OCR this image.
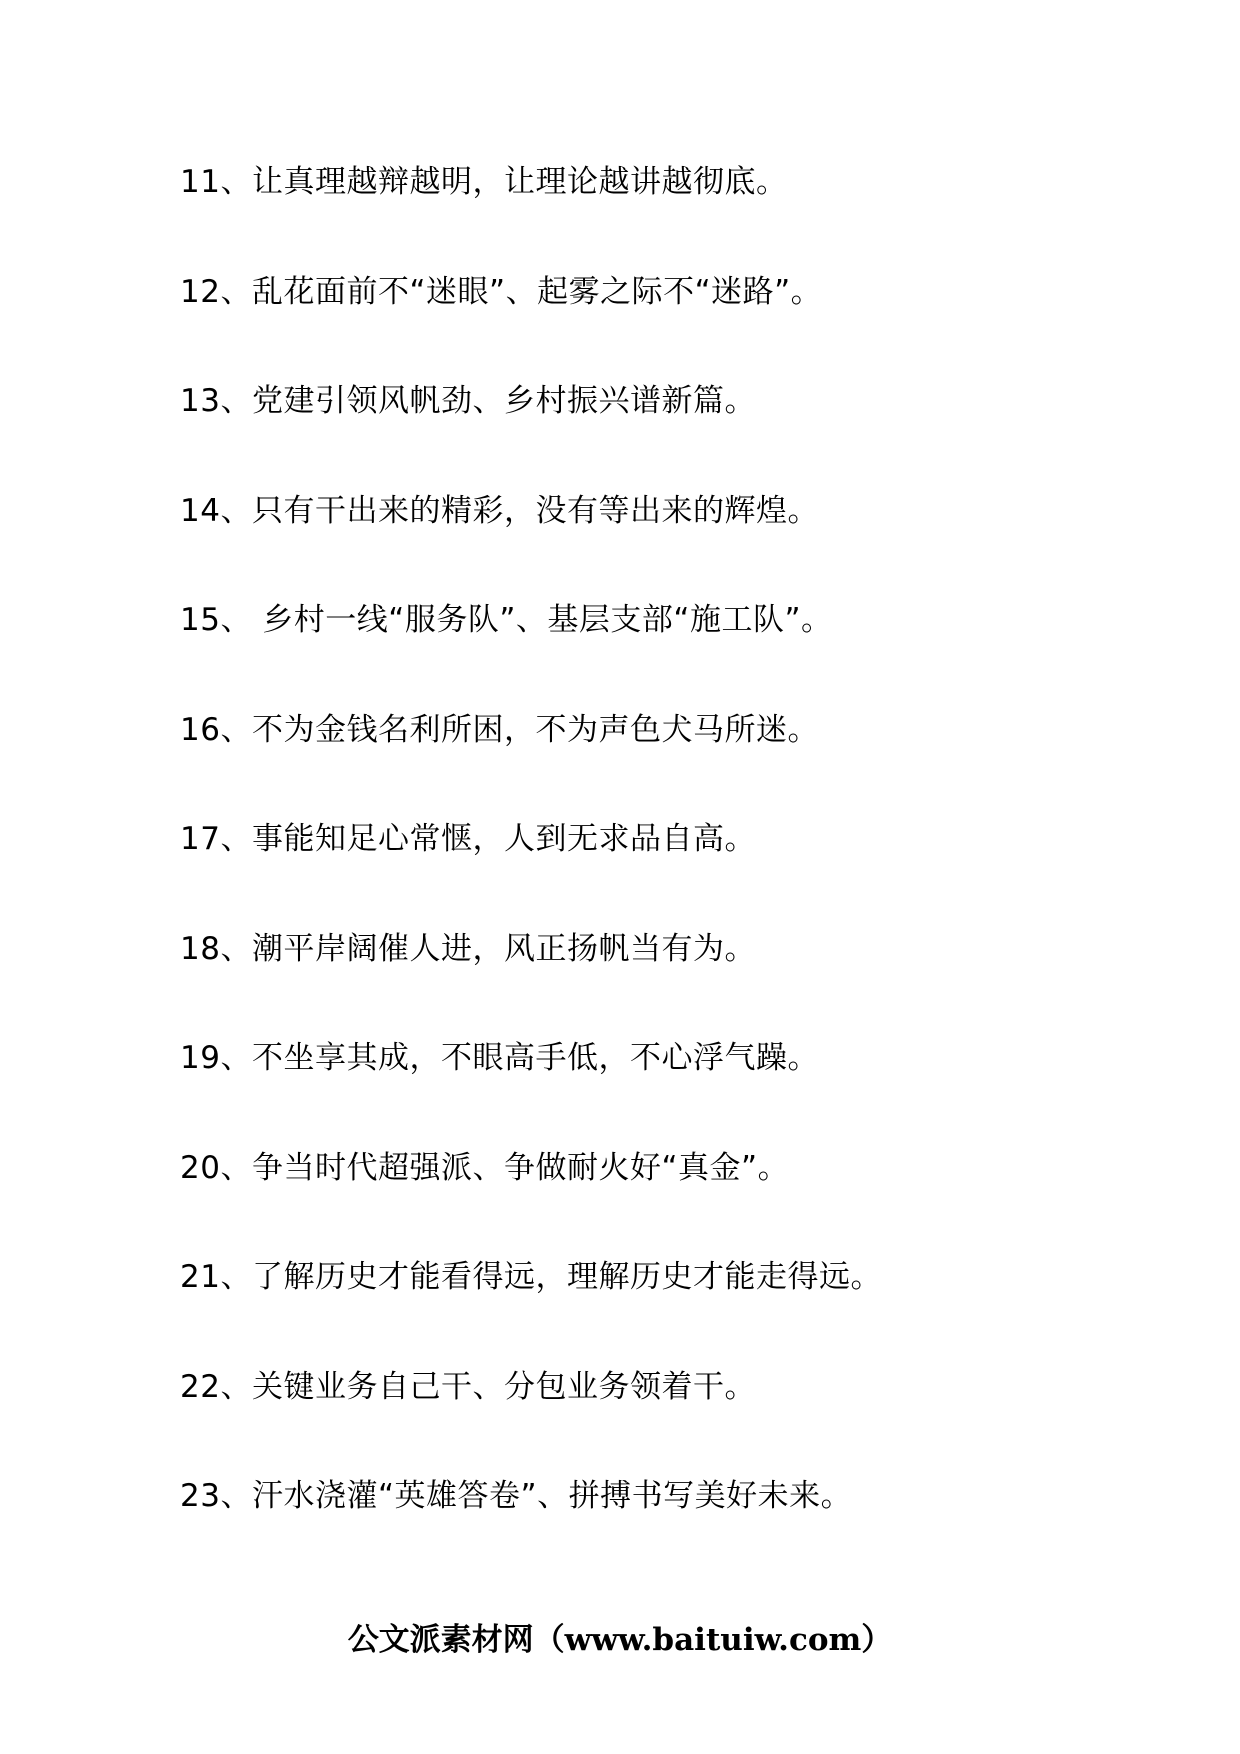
11、让真理越辩越明，让理论越讲越彻底。
12、乱花面前不“迷眼”、起雾之际不“迷路”。
13、党建引领风帆劲、乡村振兴谱新篇。
14、只有干出来的精彩，没有等出来的辉煌。
15、 乡村一线“服务队”、基层支部“施工队”。
16、不为金钱名利所困，不为声色犬马所迷。
17、事能知足心常惬，人到无求品自高。
18、潮平岸阔催人进，风正扬帆当有为。
19、不坐享其成，不眼高手低，不心浮气躁。
20、争当时代超强派、争做耐火好“真金”。
21、了解历史才能看得远，理解历史才能走得远。
22、关键业务自己干、分包业务领着干。
23、汗水浇灌“英雄答卷”、拼搏书写美好未来。
公文派素材网（www.baituiw.com）
